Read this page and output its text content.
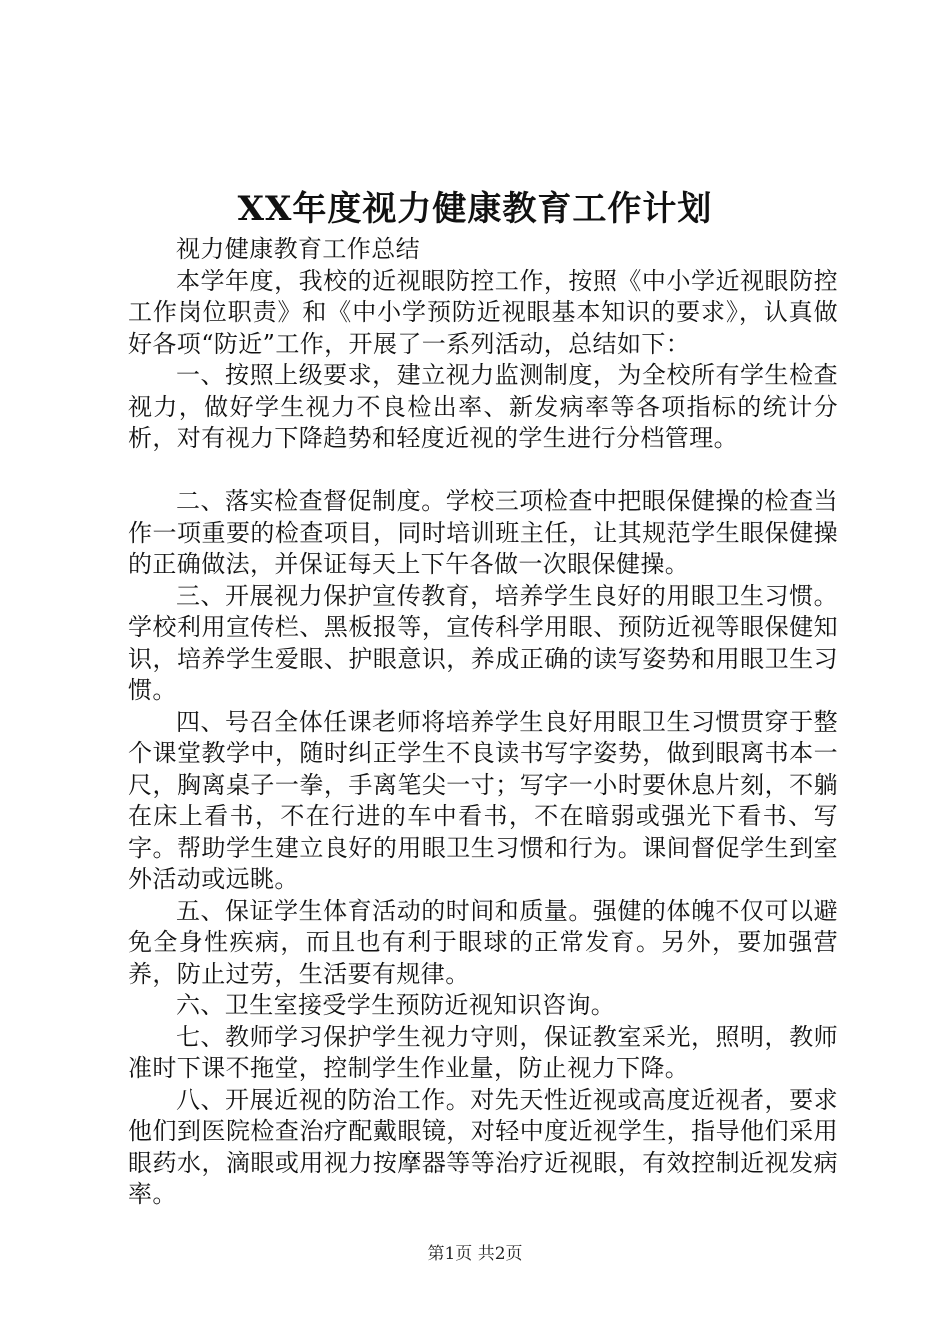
XX年度视力健康教育工作计划

视力健康教育工作总结

本学年度，我校的近视眼防控工作，按照《中小学近视眼防控工作岗位职责》和《中小学预防近视眼基本知识的要求》，认真做好各项“防近”工作，开展了一系列活动，总结如下：

一、按照上级要求，建立视力监测制度，为全校所有学生检查视力，做好学生视力不良检出率、新发病率等各项指标的统计分析，对有视力下降趋势和轻度近视的学生进行分档管理。

二、落实检查督促制度。学校三项检查中把眼保健操的检查当作一项重要的检查项目，同时培训班主任，让其规范学生眼保健操的正确做法，并保证每天上下午各做一次眼保健操。

三、开展视力保护宣传教育，培养学生良好的用眼卫生习惯。学校利用宣传栏、黑板报等，宣传科学用眼、预防近视等眼保健知识，培养学生爱眼、护眼意识，养成正确的读写姿势和用眼卫生习惯。

四、号召全体任课老师将培养学生良好用眼卫生习惯贯穿于整个课堂教学中，随时纠正学生不良读书写字姿势，做到眼离书本一尺，胸离桌子一拳，手离笔尖一寸；写字一小时要休息片刻，不躺在床上看书，不在行进的车中看书，不在暗弱或强光下看书、写字。帮助学生建立良好的用眼卫生习惯和行为。课间督促学生到室外活动或远眺。

五、保证学生体育活动的时间和质量。强健的体魄不仅可以避免全身性疾病，而且也有利于眼球的正常发育。另外，要加强营养，防止过劳，生活要有规律。

六、卫生室接受学生预防近视知识咨询。

七、教师学习保护学生视力守则，保证教室采光，照明，教师准时下课不拖堂，控制学生作业量，防止视力下降。

八、开展近视的防治工作。对先天性近视或高度近视者，要求他们到医院检查治疗配戴眼镜，对轻中度近视学生，指导他们采用眼药水，滴眼或用视力按摩器等等治疗近视眼，有效控制近视发病率。

第1页 共2页
